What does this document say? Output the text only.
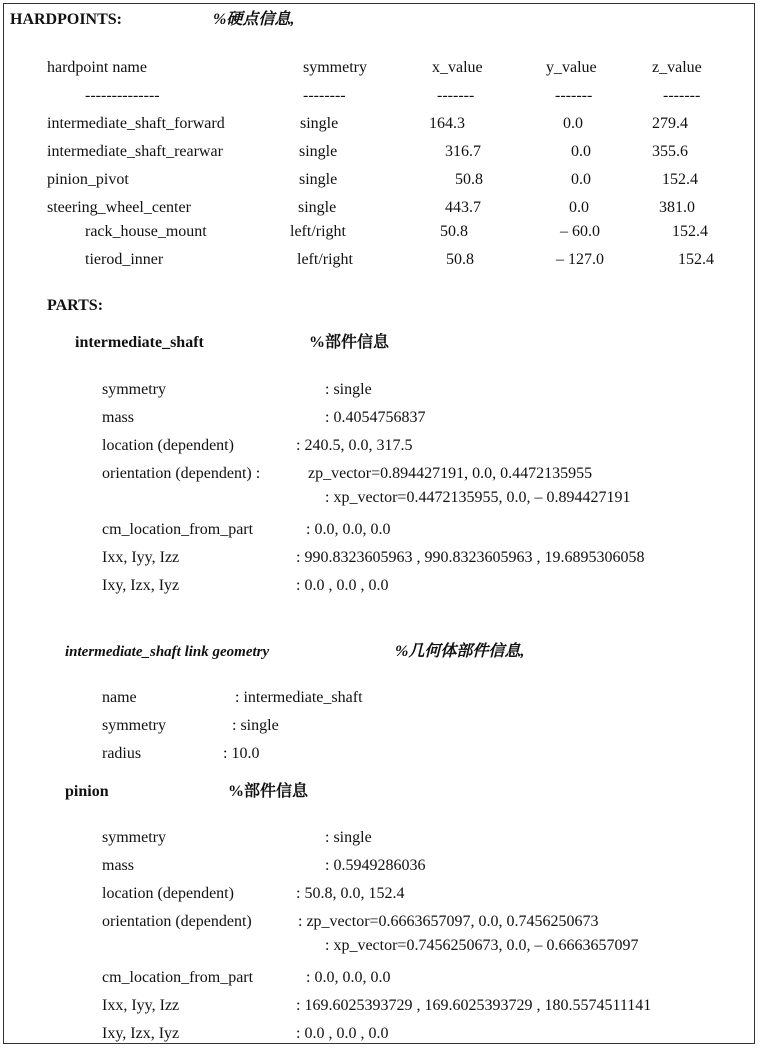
HARDPOINTS:	%硬点信息,
hardpoint name	symmetry	x_value	y_value	z_value
--------------	--------	-------	-------	-------
intermediate_shaft_forward	single	164.3	0.0	279.4
intermediate_shaft_rearwar	single	316.7	0.0	355.6
pinion_pivot	single	50.8	0.0	152.4
steering_wheel_center	single	443.7	0.0	381.0
rack_house_mount	left/right	50.8	– 60.0	152.4
tierod_inner	left/right	50.8	– 127.0	152.4
PARTS:
intermediate_shaft	%部件信息
symmetry	: single
mass	: 0.4054756837
location (dependent)	: 240.5, 0.0, 317.5
orientation (dependent) :	zp_vector=0.894427191, 0.0, 0.4472135955
: xp_vector=0.4472135955, 0.0, – 0.894427191
cm_location_from_part	: 0.0, 0.0, 0.0
Ixx, Iyy, Izz	: 990.8323605963 , 990.8323605963 , 19.6895306058
Ixy, Izx, Iyz	: 0.0 , 0.0 , 0.0
intermediate_shaft link geometry	%几何体部件信息,
name	: intermediate_shaft
symmetry	: single
radius	: 10.0
pinion	%部件信息
symmetry	: single
mass	: 0.5949286036
location (dependent)	: 50.8, 0.0, 152.4
orientation (dependent)	: zp_vector=0.6663657097, 0.0, 0.7456250673
: xp_vector=0.7456250673, 0.0, – 0.6663657097
cm_location_from_part	: 0.0, 0.0, 0.0
Ixx, Iyy, Izz	: 169.6025393729 , 169.6025393729 , 180.5574511141
Ixy, Izx, Iyz	: 0.0 , 0.0 , 0.0
